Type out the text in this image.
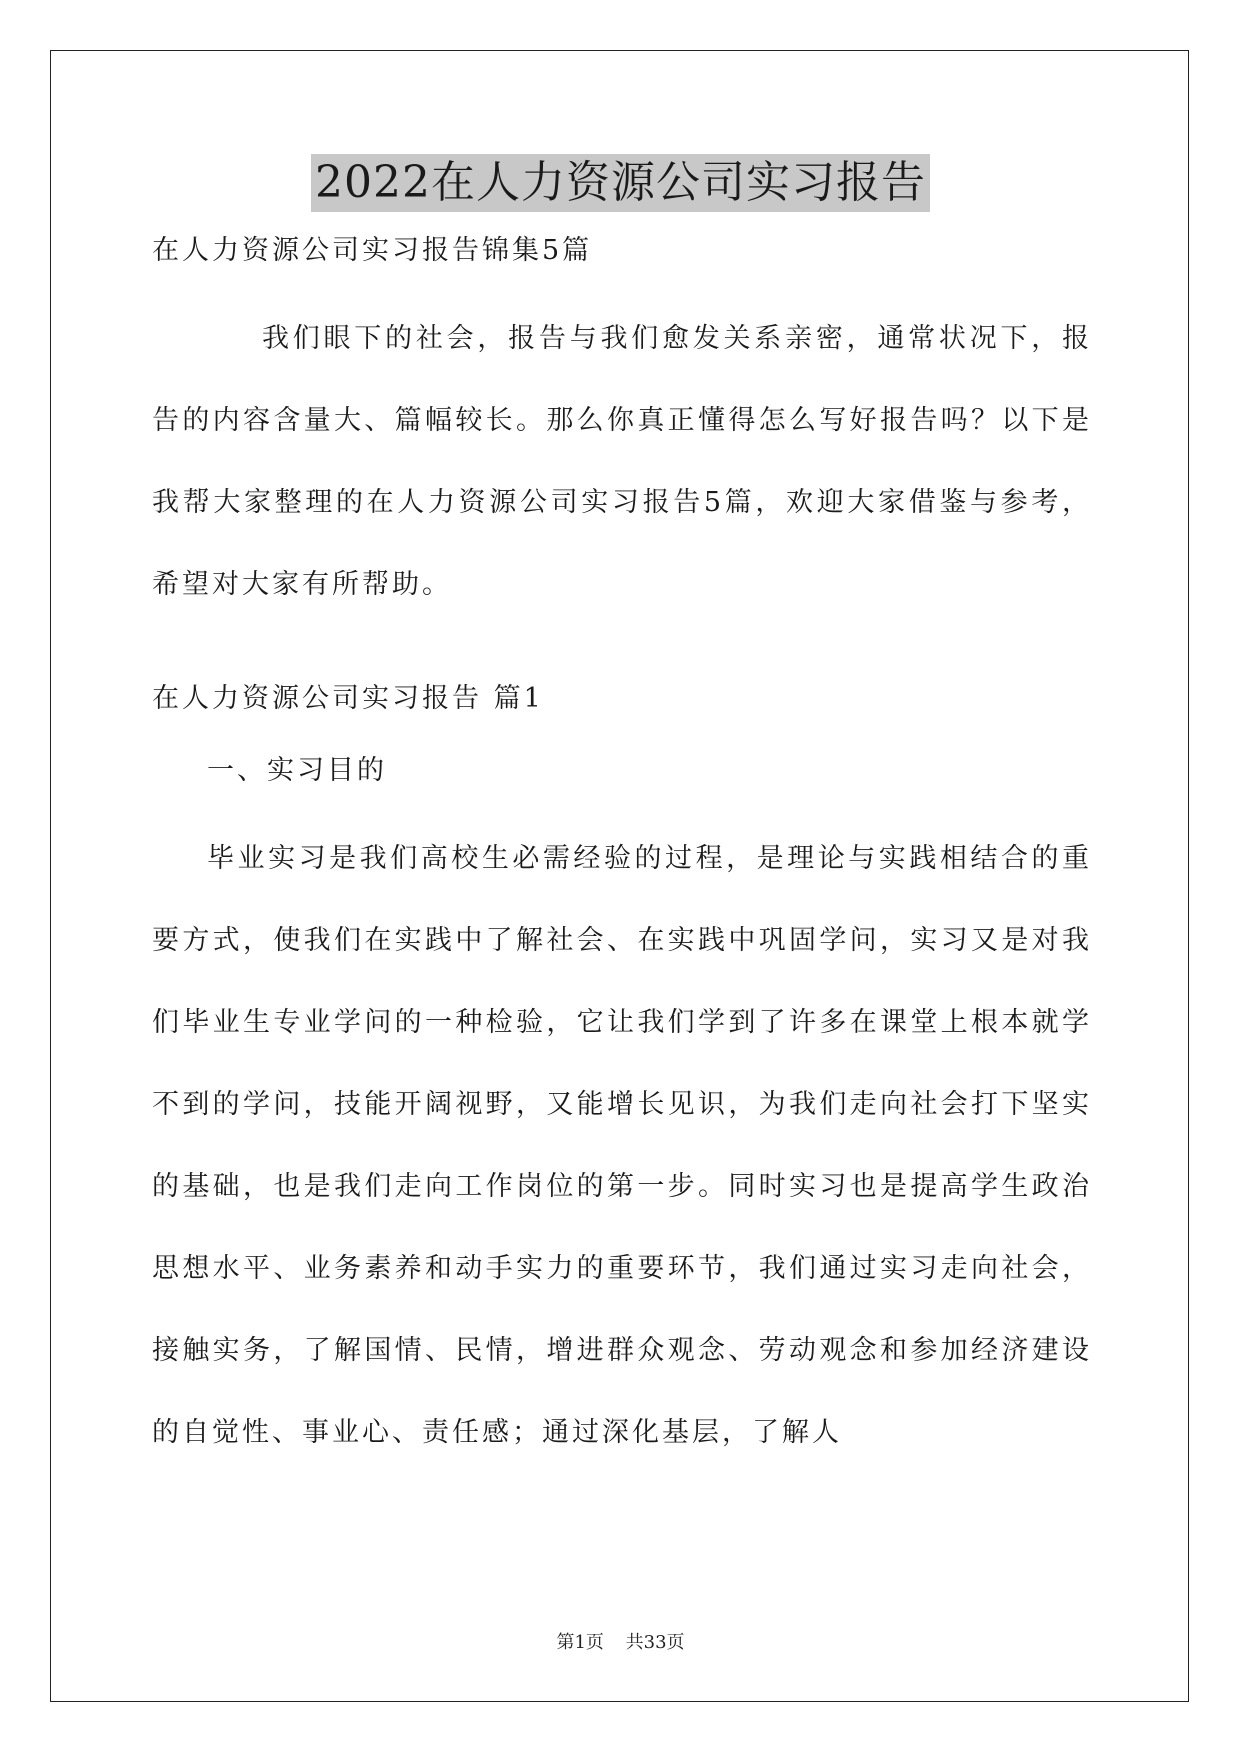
2022在人力资源公司实习报告
在人力资源公司实习报告锦集5篇
我们眼下的社会，报告与我们愈发关系亲密，通常状况下，报告的内容含量大、篇幅较长。那么你真正懂得怎么写好报告吗？以下是我帮大家整理的在人力资源公司实习报告5篇，欢迎大家借鉴与参考，希望对大家有所帮助。
在人力资源公司实习报告 篇1
一、实习目的
毕业实习是我们高校生必需经验的过程，是理论与实践相结合的重要方式，使我们在实践中了解社会、在实践中巩固学问，实习又是对我们毕业生专业学问的一种检验，它让我们学到了许多在课堂上根本就学不到的学问，技能开阔视野，又能增长见识，为我们走向社会打下坚实的基础，也是我们走向工作岗位的第一步。同时实习也是提高学生政治思想水平、业务素养和动手实力的重要环节，我们通过实习走向社会，接触实务，了解国情、民情，增进群众观念、劳动观念和参加经济建设的自觉性、事业心、责任感；通过深化基层，了解人
第1页 共33页
